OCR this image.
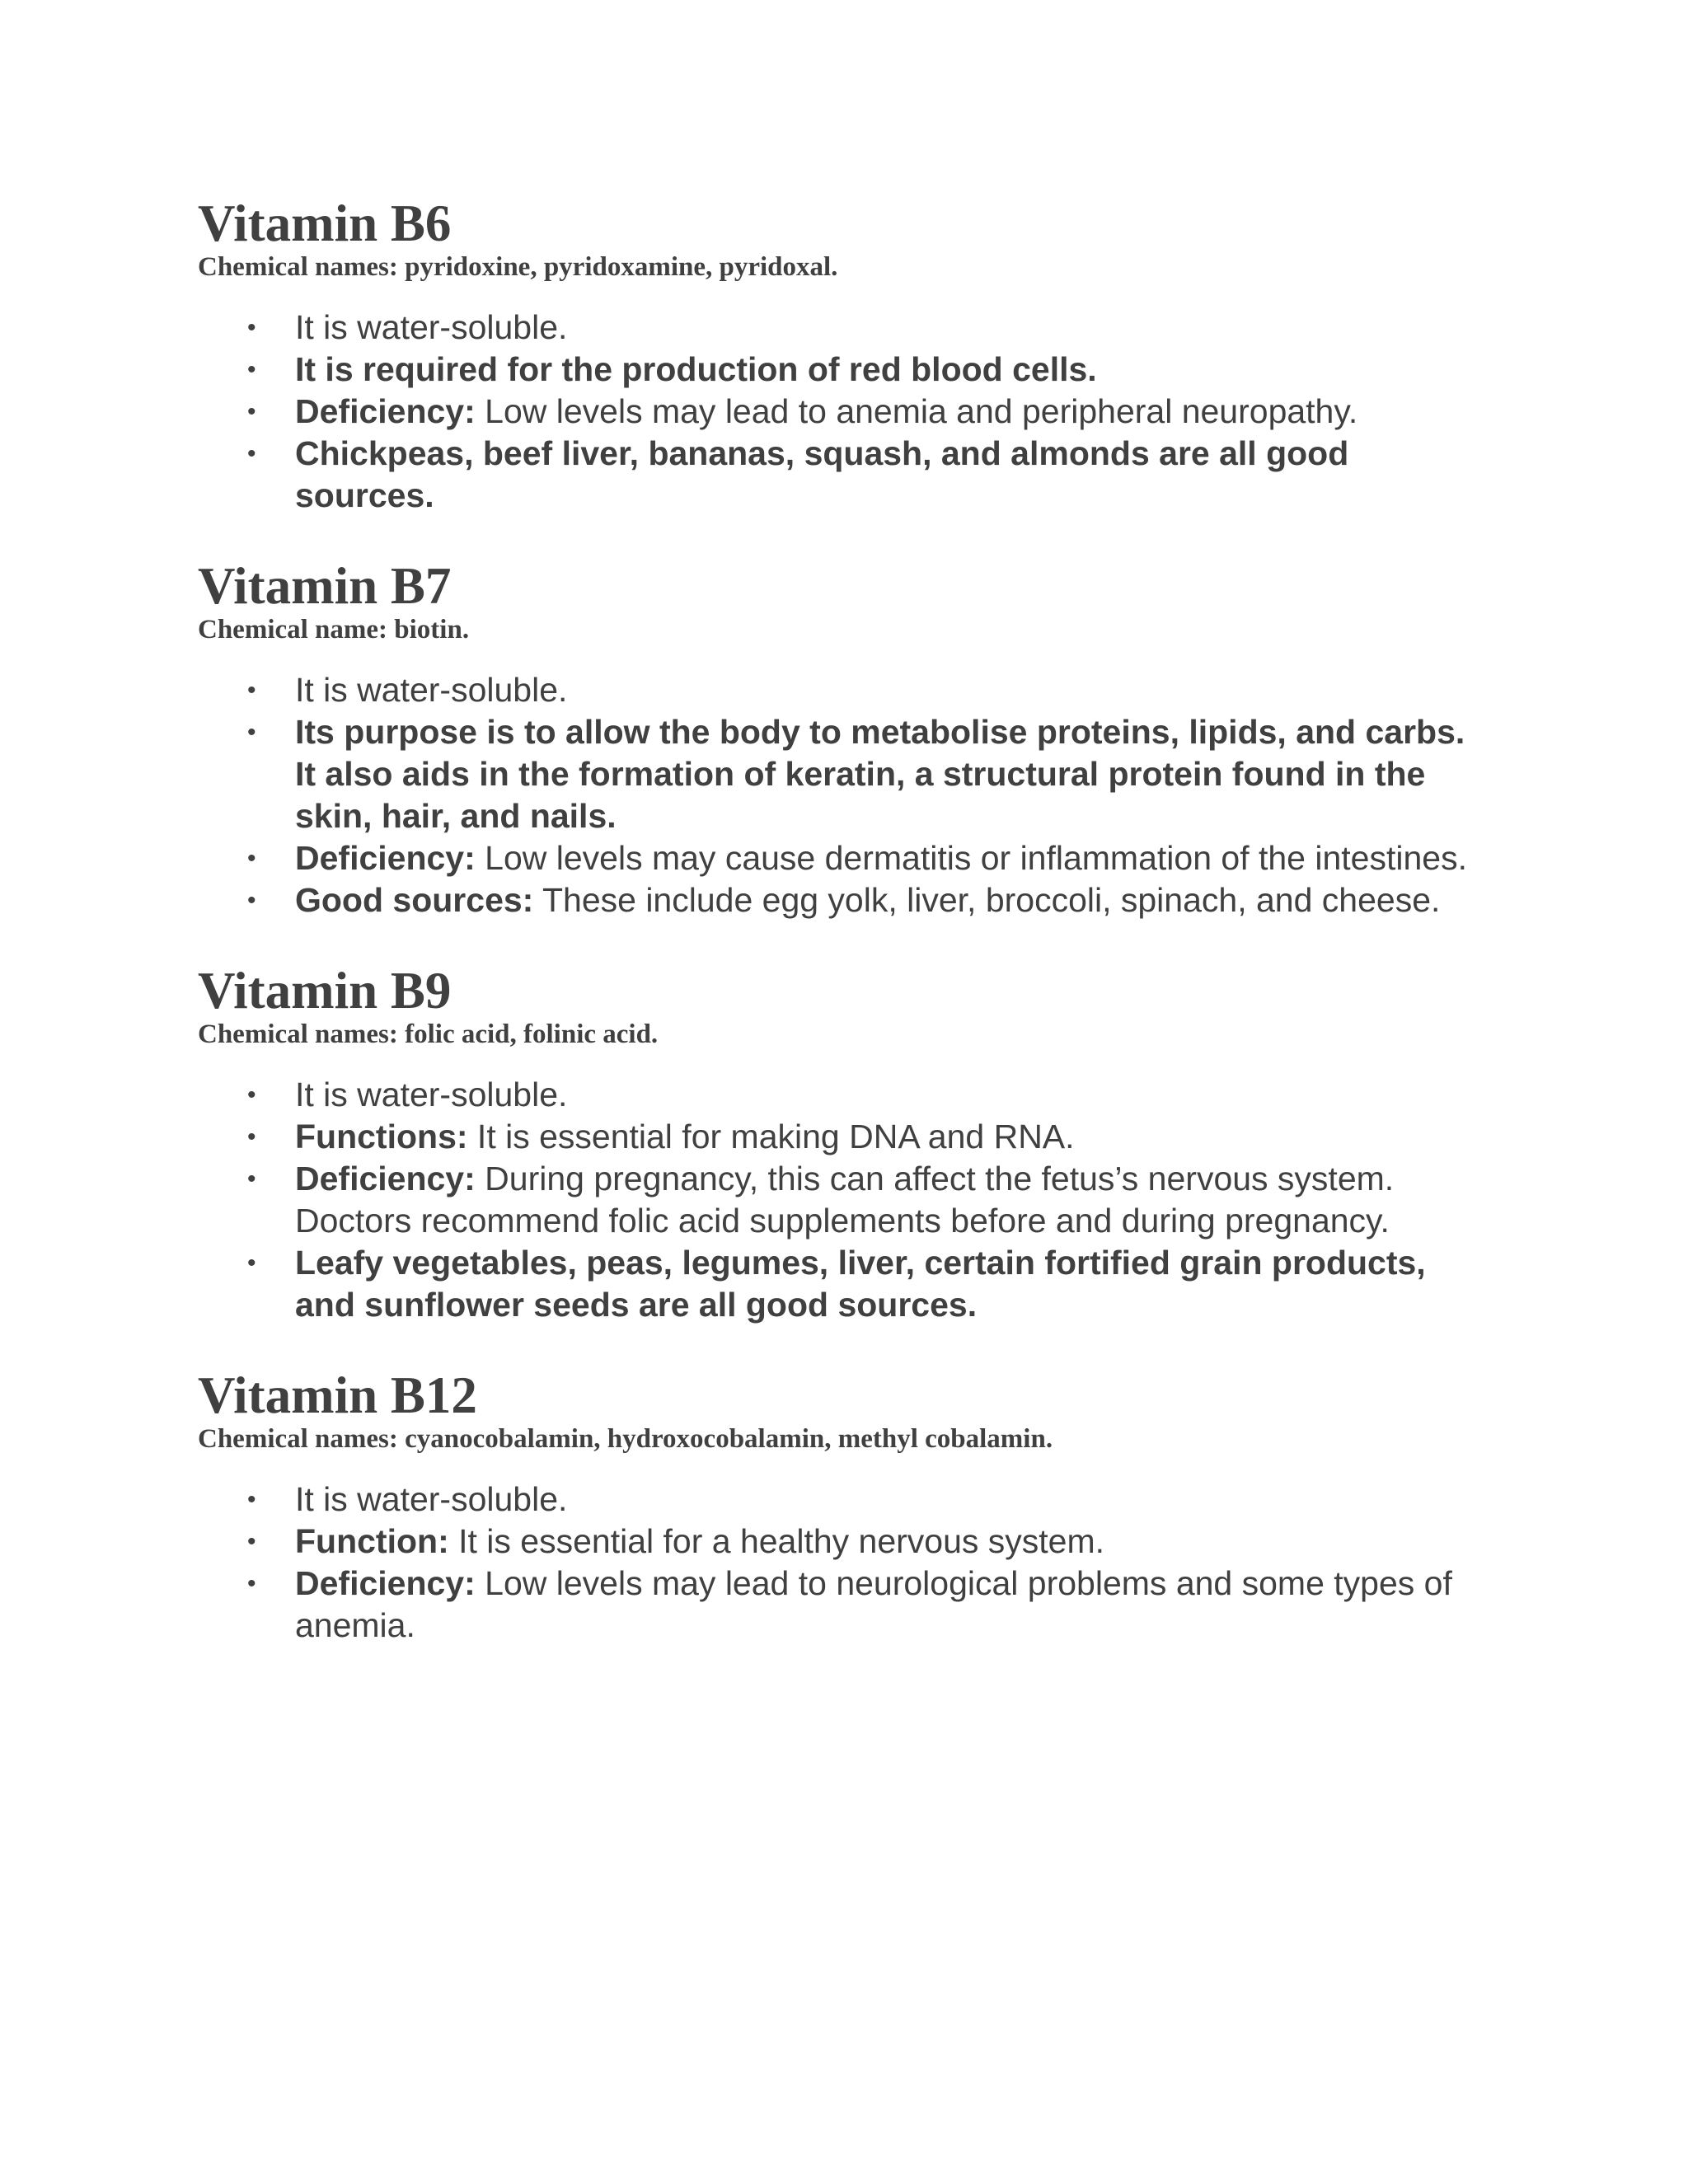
Vitamin B6

Chemical names: pyridoxine, pyridoxamine, pyridoxal.

• It is water-soluble.
• It is required for the production of red blood cells.
• Deficiency: Low levels may lead to anemia and peripheral neuropathy.
• Chickpeas, beef liver, bananas, squash, and almonds are all good sources.
Vitamin B7

Chemical name: biotin.

• It is water-soluble.
• Its purpose is to allow the body to metabolise proteins, lipids, and carbs. It also aids in the formation of keratin, a structural protein found in the skin, hair, and nails.
• Deficiency: Low levels may cause dermatitis or inflammation of the intestines.
• Good sources: These include egg yolk, liver, broccoli, spinach, and cheese.
Vitamin B9

Chemical names: folic acid, folinic acid.

• It is water-soluble.
• Functions: It is essential for making DNA and RNA.
• Deficiency: During pregnancy, this can affect the fetus’s nervous system. Doctors recommend folic acid supplements before and during pregnancy.
• Leafy vegetables, peas, legumes, liver, certain fortified grain products, and sunflower seeds are all good sources.
Vitamin B12

Chemical names: cyanocobalamin, hydroxocobalamin, methyl cobalamin.

• It is water-soluble.
• Function: It is essential for a healthy nervous system.
• Deficiency: Low levels may lead to neurological problems and some types of anemia.
